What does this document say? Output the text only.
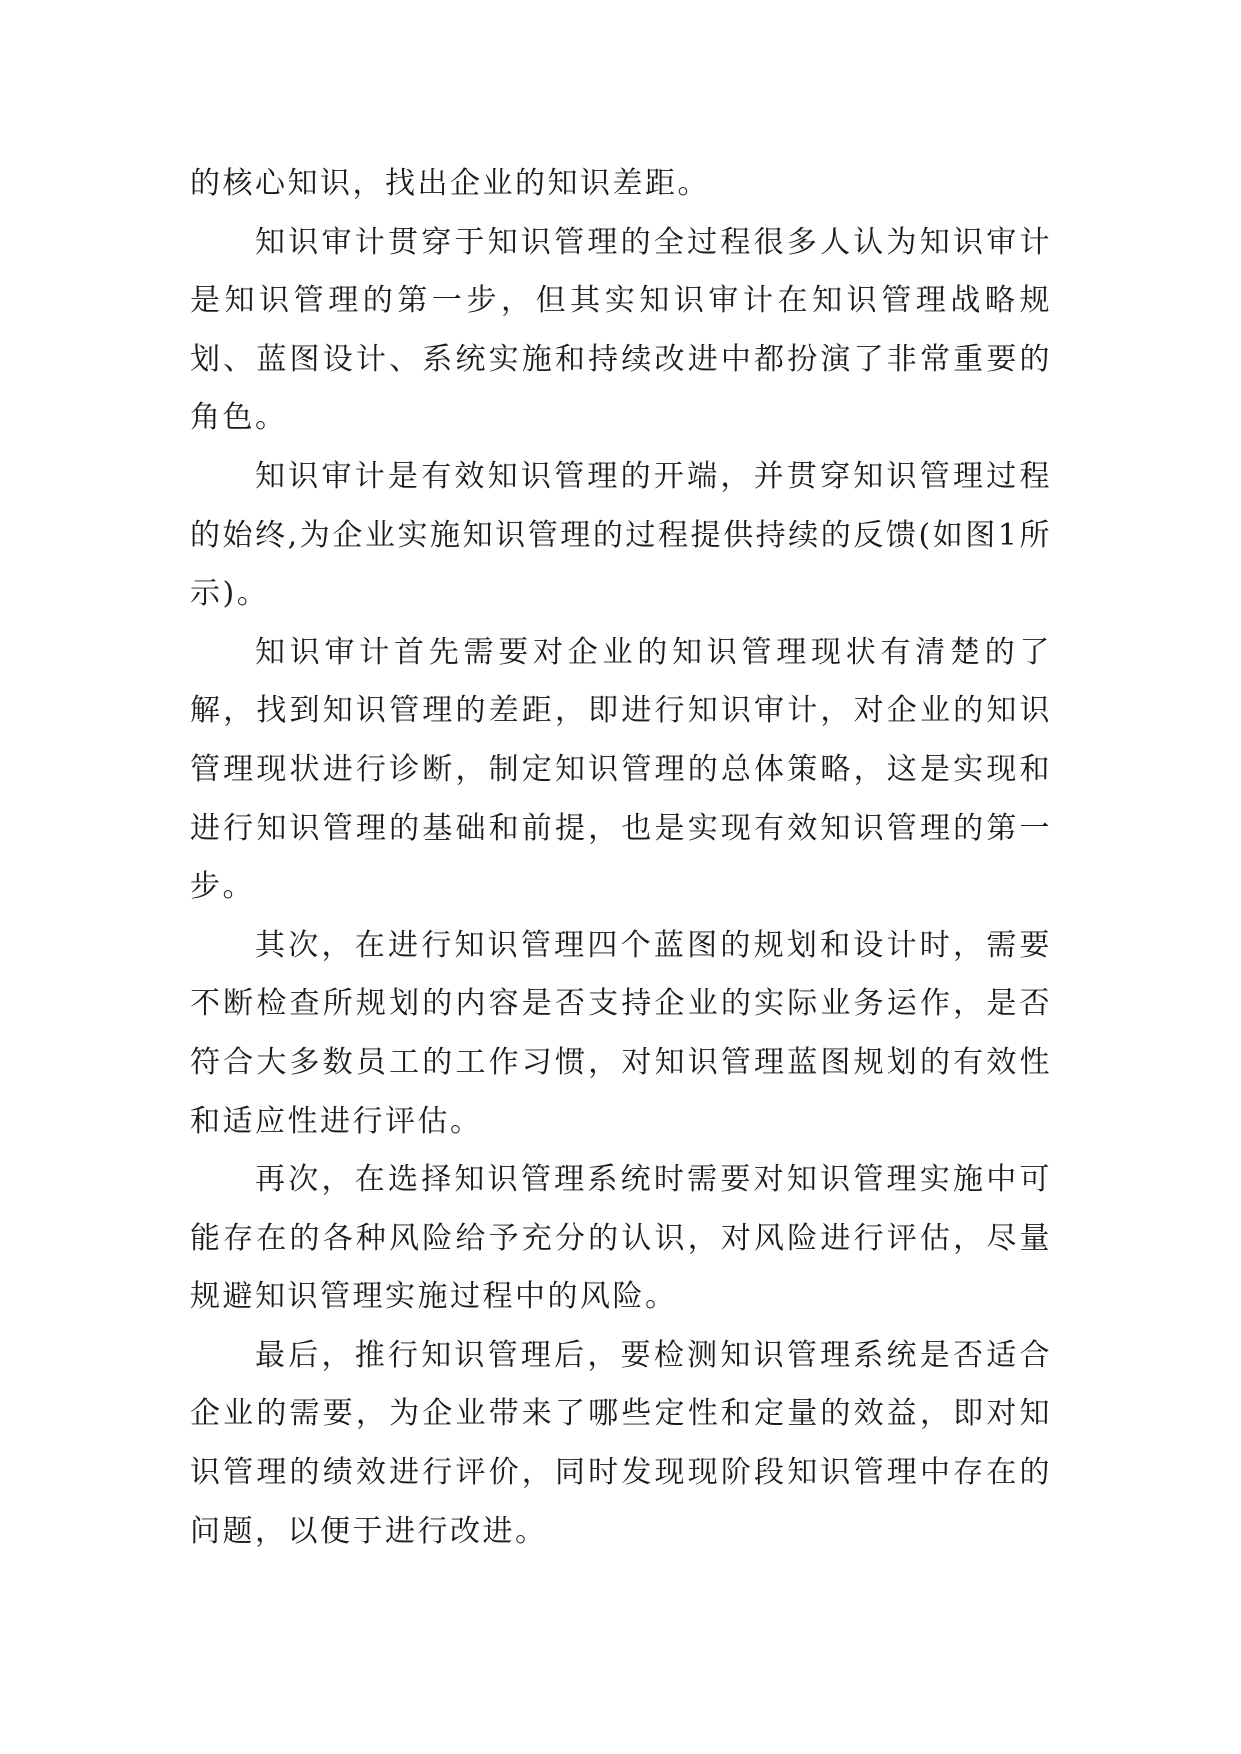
的核心知识，找出企业的知识差距。

知识审计贯穿于知识管理的全过程很多人认为知识审计是知识管理的第一步，但其实知识审计在知识管理战略规划、蓝图设计、系统实施和持续改进中都扮演了非常重要的角色。

知识审计是有效知识管理的开端，并贯穿知识管理过程的始终,为企业实施知识管理的过程提供持续的反馈(如图1所示)。

知识审计首先需要对企业的知识管理现状有清楚的了解，找到知识管理的差距，即进行知识审计，对企业的知识管理现状进行诊断，制定知识管理的总体策略，这是实现和进行知识管理的基础和前提，也是实现有效知识管理的第一步。

其次，在进行知识管理四个蓝图的规划和设计时，需要不断检查所规划的内容是否支持企业的实际业务运作，是否符合大多数员工的工作习惯，对知识管理蓝图规划的有效性和适应性进行评估。

再次，在选择知识管理系统时需要对知识管理实施中可能存在的各种风险给予充分的认识，对风险进行评估，尽量规避知识管理实施过程中的风险。

最后，推行知识管理后，要检测知识管理系统是否适合企业的需要，为企业带来了哪些定性和定量的效益，即对知识管理的绩效进行评价，同时发现现阶段知识管理中存在的问题，以便于进行改进。
